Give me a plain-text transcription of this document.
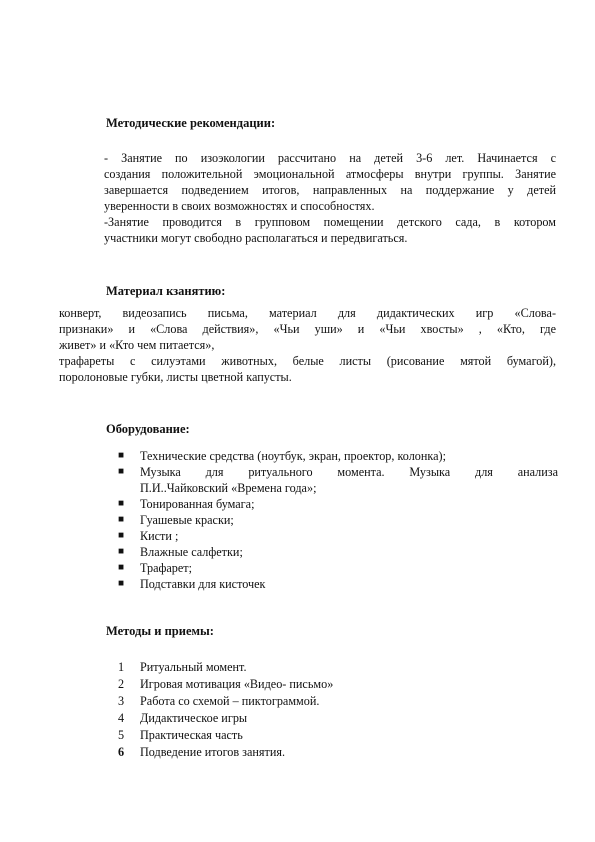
Методические рекомендации:
- Занятие по изоэкологии рассчитано на детей 3-6 лет. Начинается с
создания положительной эмоциональной атмосферы внутри группы. Занятие
завершается подведением итогов, направленных на поддержание у детей
уверенности в своих возможностях и способностях.
-Занятие проводится в групповом помещении детского сада, в котором
участники могут свободно располагаться и передвигаться.
Материал кзанятию:
конверт, видеозапись письма, материал для дидактических игр «Слова-
признаки» и «Слова действия», «Чьи уши» и «Чьи хвосты» , «Кто, где
живет» и «Кто чем питается»,
трафареты с силуэтами животных, белые листы (рисование мятой бумагой),
поролоновые губки, листы цветной капусты.
Оборудование:
■ Технические средства (ноутбук, экран, проектор, колонка);
■ Музыка для ритуального момента. Музыка для анализа
П.И..Чайковский «Времена года»;
■ Тонированная бумага;
■ Гуашевые краски;
■ Кисти ;
■ Влажные салфетки;
■ Трафарет;
■ Подставки для кисточек
Методы и приемы:
1 Ритуальный момент.
2 Игровая мотивация «Видео- письмо»
3 Работа со схемой – пиктограммой.
4 Дидактическое игры
5 Практическая часть
6 Подведение итогов занятия.
